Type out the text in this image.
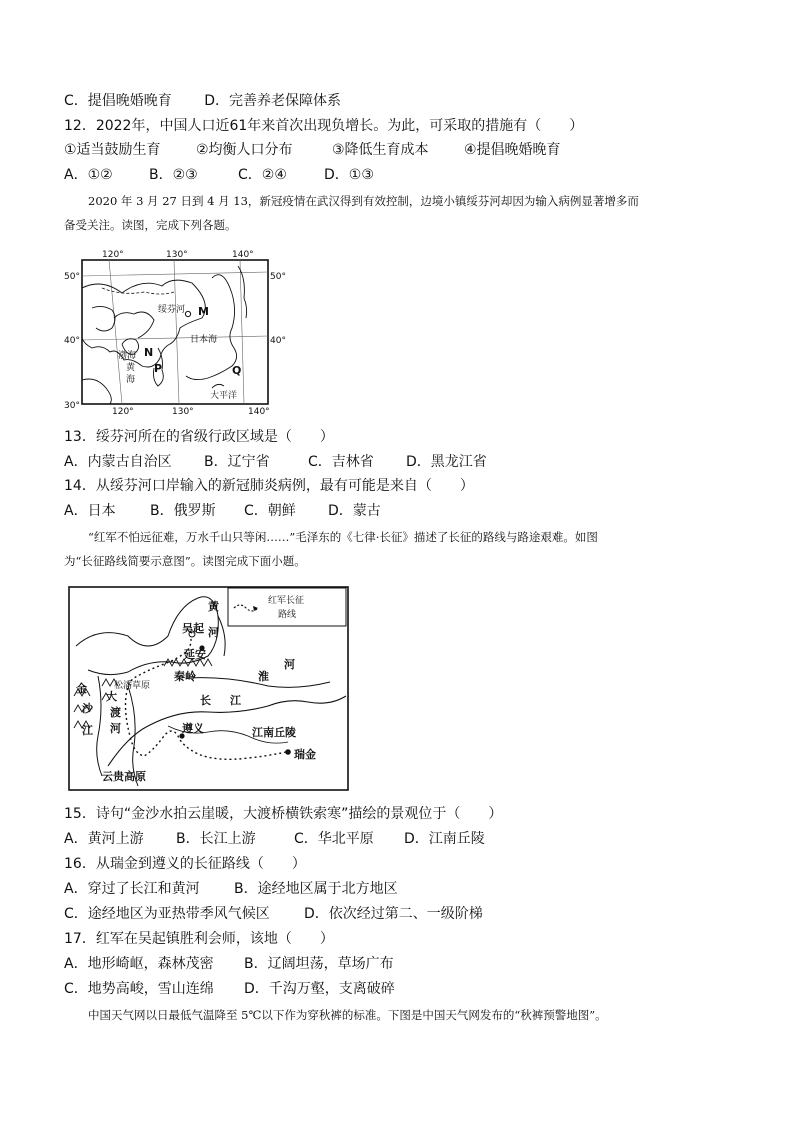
C．提倡晚婚晚育 D．完善养老保障体系
12．2022年，中国人口近61年来首次出现负增长。为此，可采取的措施有（　　）
①适当鼓励生育	②均衡人口分布	③降低生育成本	④提倡晚婚晚育
A．①②	B．②③	C．②④	D．①③
2020 年 3 月 27 日到 4 月 13，新冠疫情在武汉得到有效控制，边境小镇绥芬河却因为输入病例显著增多而
备受关注。读图，完成下列各题。
120°	130°	140°
120°	130°	140°
50°
40°
30°
50°
40°
绥芬河 M
日本海
渤海 N
P
黄
海
Q
大平洋
13．绥芬河所在的省级行政区域是（　　）
A．内蒙古自治区 B．辽宁省	C．吉林省 D．黑龙江省
14．从绥芬河口岸输入的新冠肺炎病例，最有可能是来自（　　）
A．日本 B．俄罗斯 C．朝鲜 D．蒙古
“红军不怕远征难，万水千山只等闲……”毛泽东的《七律·长征》描述了长征的路线与路途艰难。如图
为“长征路线简要示意图”。读图完成下面小题。
红军长征
路线
黄
河
吴起
延安
松潘草原
秦岭	淮
河
金
沙
江
大
渡
河
长 江
遵义	江南丘陵
瑞金
云贵高原
15．诗句“金沙水拍云崖暖，大渡桥横铁索寒”描绘的景观位于（　　）
A．黄河上游 B．长江上游	C．华北平原 D．江南丘陵
16．从瑞金到遵义的长征路线（　　）
A．穿过了长江和黄河 B．途经地区属于北方地区
C．途经地区为亚热带季风气候区 D．依次经过第二、一级阶梯
17．红军在吴起镇胜利会师，该地（　　）
A．地形崎岖，森林茂密 B．辽阔坦荡，草场广布
C．地势高峻，雪山连绵 D．千沟万壑，支离破碎
中国天气网以日最低气温降至 5℃以下作为穿秋裤的标准。下图是中国天气网发布的“秋裤预警地图”。
